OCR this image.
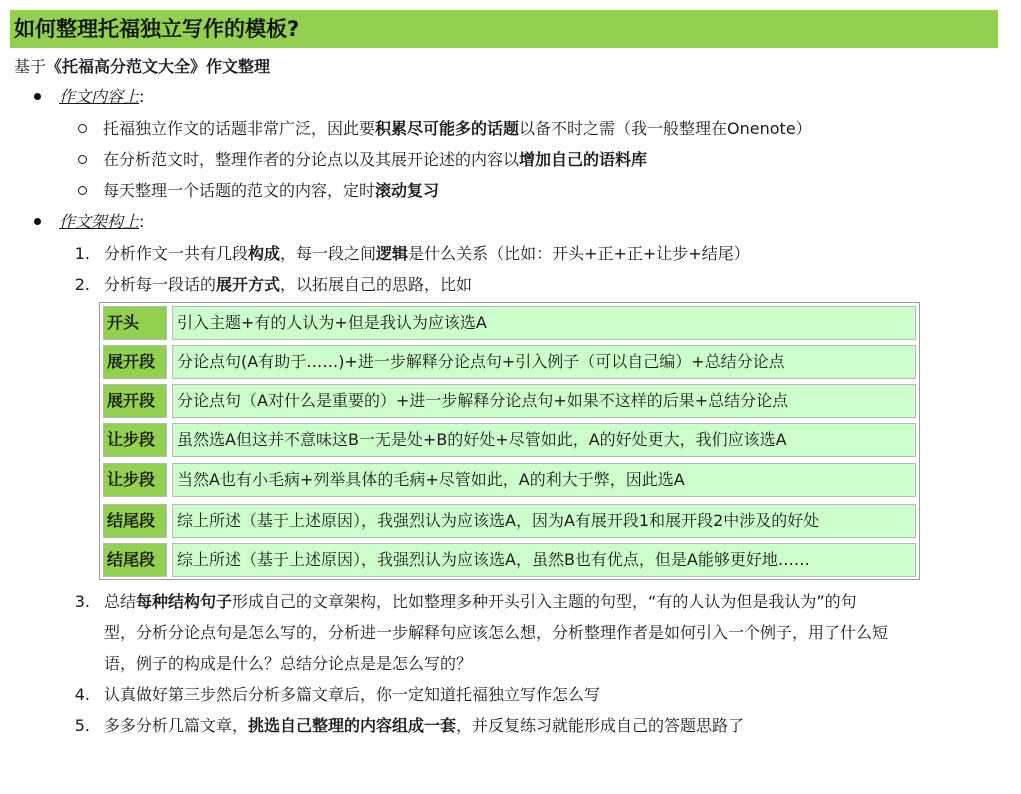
如何整理托福独立写作的模板?
基于《托福高分范文大全》作文整理
作文内容上:
托福独立作文的话题非常广泛，因此要积累尽可能多的话题以备不时之需（我一般整理在Onenote）
在分析范文时，整理作者的分论点以及其展开论述的内容以增加自己的语料库
每天整理一个话题的范文的内容，定时滚动复习
作文架构上:
1. 分析作文一共有几段构成，每一段之间逻辑是什么关系（比如：开头+正+正+让步+结尾）
2. 分析每一段话的展开方式，以拓展自己的思路，比如
开头	引入主题+有的人认为+但是我认为应该选A
展开段	分论点句(A有助于……)+进一步解释分论点句+引入例子（可以自己编）+总结分论点
展开段	分论点句（A对什么是重要的）+进一步解释分论点句+如果不这样的后果+总结分论点
让步段	虽然选A但这并不意味这B一无是处+B的好处+尽管如此，A的好处更大，我们应该选A
让步段	当然A也有小毛病+列举具体的毛病+尽管如此，A的利大于弊，因此选A
结尾段	综上所述（基于上述原因），我强烈认为应该选A，因为A有展开段1和展开段2中涉及的好处
结尾段	综上所述（基于上述原因），我强烈认为应该选A，虽然B也有优点，但是A能够更好地……
3. 总结每种结构句子形成自己的文章架构，比如整理多种开头引入主题的句型，“有的人认为但是我认为”的句
型，分析分论点句是怎么写的，分析进一步解释句应该怎么想，分析整理作者是如何引入一个例子，用了什么短
语，例子的构成是什么？总结分论点是是怎么写的？
4. 认真做好第三步然后分析多篇文章后，你一定知道托福独立写作怎么写
5. 多多分析几篇文章，挑选自己整理的内容组成一套，并反复练习就能形成自己的答题思路了
